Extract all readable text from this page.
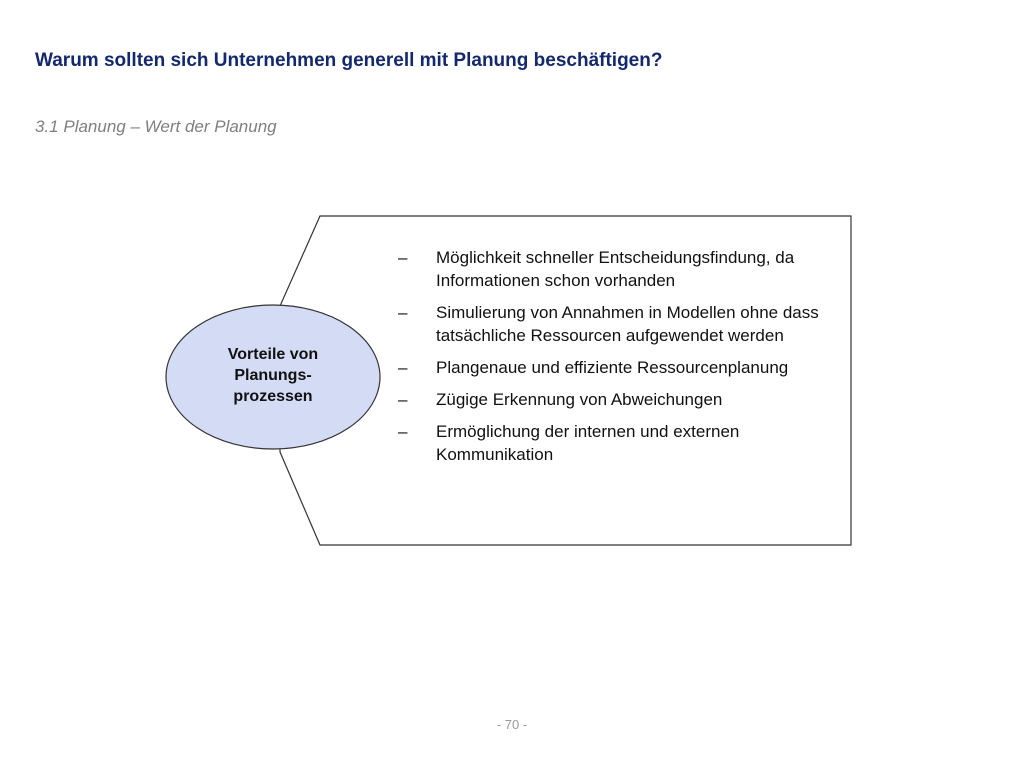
Warum sollten sich Unternehmen generell mit Planung beschäftigen?
3.1 Planung – Wert der Planung
Vorteile von
Planungs-
prozessen
–	Möglichkeit schneller Entscheidungsfindung, da Informationen schon vorhanden
–	Simulierung von Annahmen in Modellen ohne dass tatsächliche Ressourcen aufgewendet werden
–	Plangenaue und effiziente Ressourcenplanung
–	Zügige Erkennung von Abweichungen
–	Ermöglichung der internen und externen Kommunikation
- 70 -
